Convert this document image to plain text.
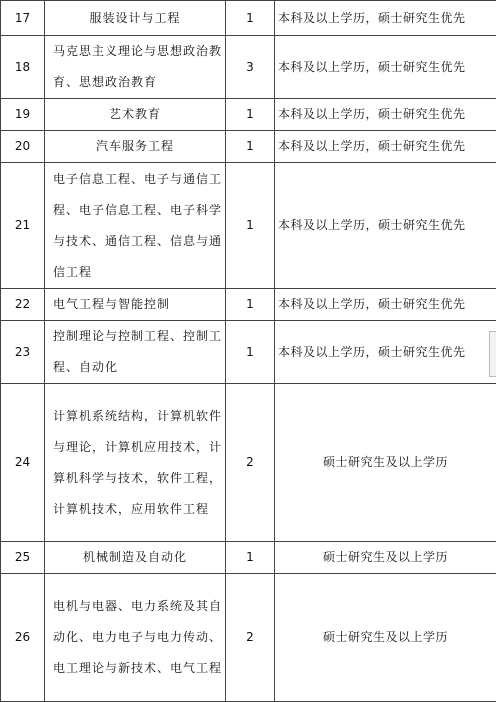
17	服装设计与工程	1	本科及以上学历，硕士研究生优先
18	马克思主义理论与思想政治教育、思想政治教育	3	本科及以上学历，硕士研究生优先
19	艺术教育	1	本科及以上学历，硕士研究生优先
20	汽车服务工程	1	本科及以上学历，硕士研究生优先
21	电子信息工程、电子与通信工程、电子信息工程、电子科学与技术、通信工程、信息与通信工程	1	本科及以上学历，硕士研究生优先
22	电气工程与智能控制	1	本科及以上学历，硕士研究生优先
23	控制理论与控制工程、控制工程、自动化	1	本科及以上学历，硕士研究生优先
24	计算机系统结构，计算机软件与理论，计算机应用技术，计算机科学与技术，软件工程，计算机技术，应用软件工程	2	硕士研究生及以上学历
25	机械制造及自动化	1	硕士研究生及以上学历
26	电机与电器、电力系统及其自动化、电力电子与电力传动、电工理论与新技术、电气工程	2	硕士研究生及以上学历
